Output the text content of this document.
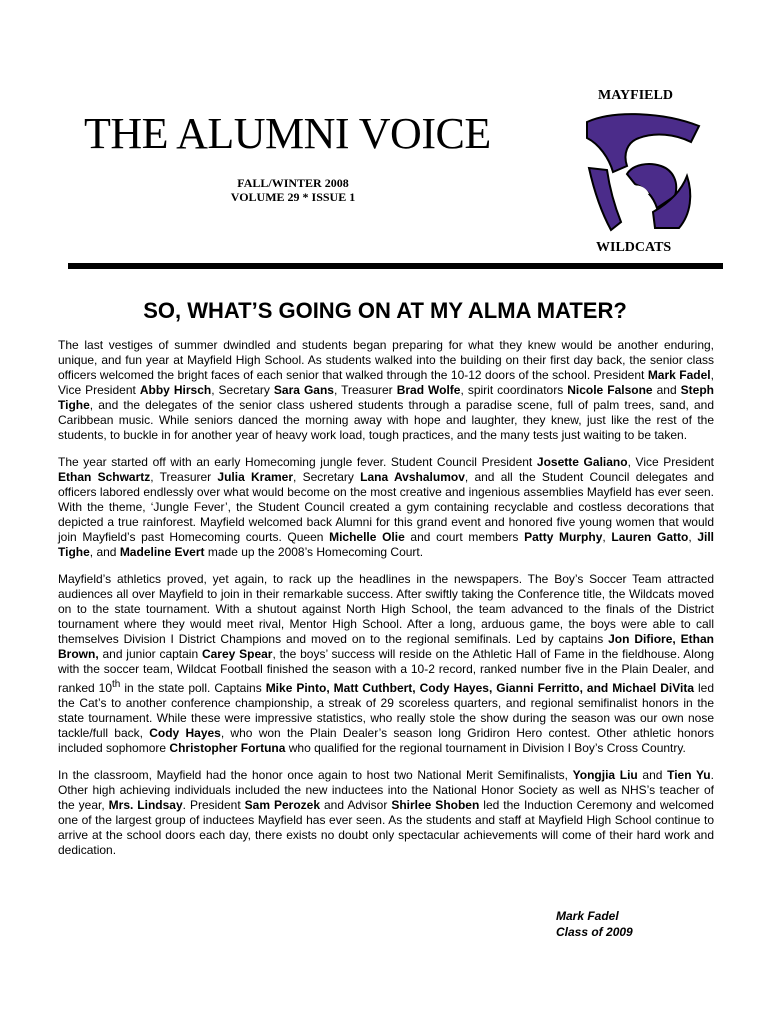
MAYFIELD
THE ALUMNI VOICE
FALL/WINTER 2008
VOLUME 29 * ISSUE 1
WILDCATS
SO, WHAT’S GOING ON AT MY ALMA MATER?

The last vestiges of summer dwindled and students began preparing for what they knew would be another enduring, unique, and fun year at Mayfield High School. As students walked into the building on their first day back, the senior class officers welcomed the bright faces of each senior that walked through the 10-12 doors of the school. President Mark Fadel, Vice President Abby Hirsch, Secretary Sara Gans, Treasurer Brad Wolfe, spirit coordinators Nicole Falsone and Steph Tighe, and the delegates of the senior class ushered students through a paradise scene, full of palm trees, sand, and Caribbean music. While seniors danced the morning away with hope and laughter, they knew, just like the rest of the students, to buckle in for another year of heavy work load, tough practices, and the many tests just waiting to be taken.

The year started off with an early Homecoming jungle fever. Student Council President Josette Galiano, Vice President Ethan Schwartz, Treasurer Julia Kramer, Secretary Lana Avshalumov, and all the Student Council delegates and officers labored endlessly over what would become on the most creative and ingenious assemblies Mayfield has ever seen. With the theme, ‘Jungle Fever’, the Student Council created a gym containing recyclable and costless decorations that depicted a true rainforest. Mayfield welcomed back Alumni for this grand event and honored five young women that would join Mayfield’s past Homecoming courts. Queen Michelle Olie and court members Patty Murphy, Lauren Gatto, Jill Tighe, and Madeline Evert made up the 2008’s Homecoming Court.

Mayfield’s athletics proved, yet again, to rack up the headlines in the newspapers. The Boy’s Soccer Team attracted audiences all over Mayfield to join in their remarkable success. After swiftly taking the Conference title, the Wildcats moved on to the state tournament. With a shutout against North High School, the team advanced to the finals of the District tournament where they would meet rival, Mentor High School. After a long, arduous game, the boys were able to call themselves Division I District Champions and moved on to the regional semifinals. Led by captains Jon Difiore, Ethan Brown, and junior captain Carey Spear, the boys’ success will reside on the Athletic Hall of Fame in the fieldhouse. Along with the soccer team, Wildcat Football finished the season with a 10-2 record, ranked number five in the Plain Dealer, and ranked 10th in the state poll. Captains Mike Pinto, Matt Cuthbert, Cody Hayes, Gianni Ferritto, and Michael DiVita led the Cat’s to another conference championship, a streak of 29 scoreless quarters, and regional semifinalist honors in the state tournament. While these were impressive statistics, who really stole the show during the season was our own nose tackle/full back, Cody Hayes, who won the Plain Dealer’s season long Gridiron Hero contest. Other athletic honors included sophomore Christopher Fortuna who qualified for the regional tournament in Division I Boy’s Cross Country.

In the classroom, Mayfield had the honor once again to host two National Merit Semifinalists, Yongjia Liu and Tien Yu. Other high achieving individuals included the new inductees into the National Honor Society as well as NHS’s teacher of the year, Mrs. Lindsay. President Sam Perozek and Advisor Shirlee Shoben led the Induction Ceremony and welcomed one of the largest group of inductees Mayfield has ever seen. As the students and staff at Mayfield High School continue to arrive at the school doors each day, there exists no doubt only spectacular achievements will come of their hard work and dedication.

Mark Fadel
Class of 2009
